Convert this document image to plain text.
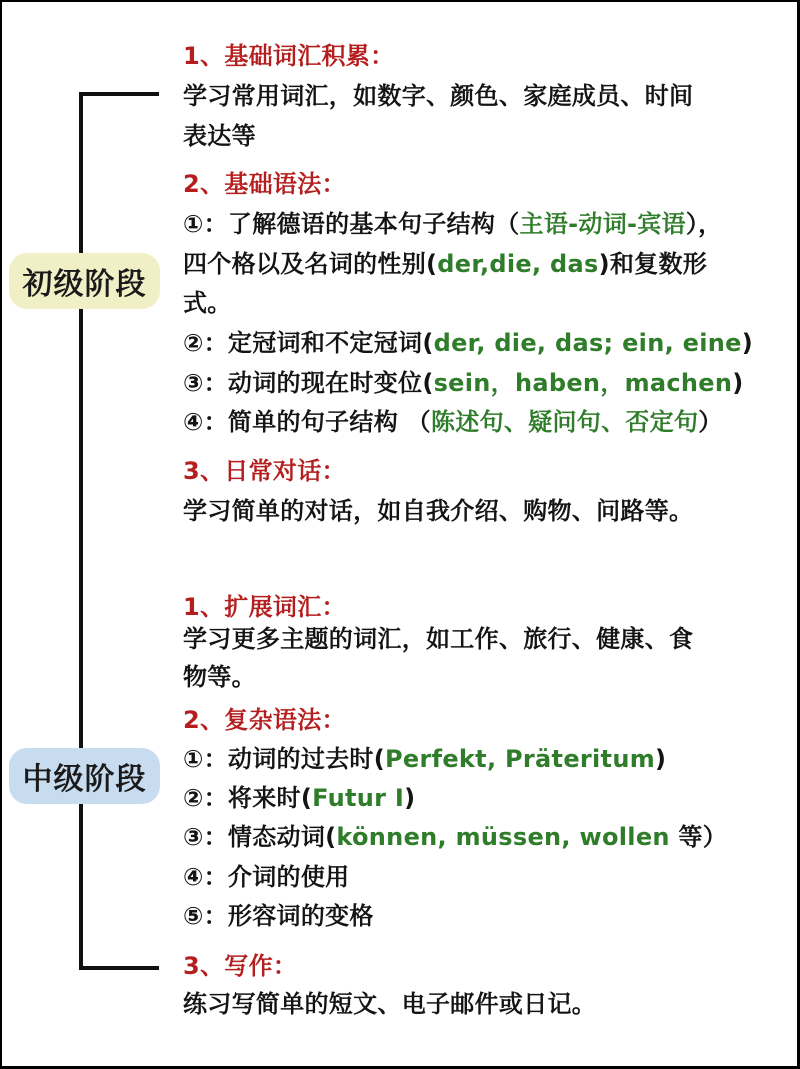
初级阶段
中级阶段
1、基础词汇积累：
学习常用词汇，如数字、颜色、家庭成员、时间
表达等
2、基础语法：
①：了解德语的基本句子结构（主语-动词-宾语），
四个格以及名词的性别(der,die, das)和复数形
式。
②：定冠词和不定冠词(der, die, das; ein, eine)
③：动词的现在时变位(sein，haben，machen)
④：简单的句子结构 （陈述句、疑问句、否定句）
3、日常对话：
学习简单的对话，如自我介绍、购物、问路等。
1、扩展词汇：
学习更多主题的词汇，如工作、旅行、健康、食
物等。
2、复杂语法：
①：动词的过去时(Perfekt, Präteritum)
②：将来时(Futur I)
③：情态动词(können, müssen, wollen 等）
④：介词的使用
⑤：形容词的变格
3、写作：
练习写简单的短文、电子邮件或日记。
